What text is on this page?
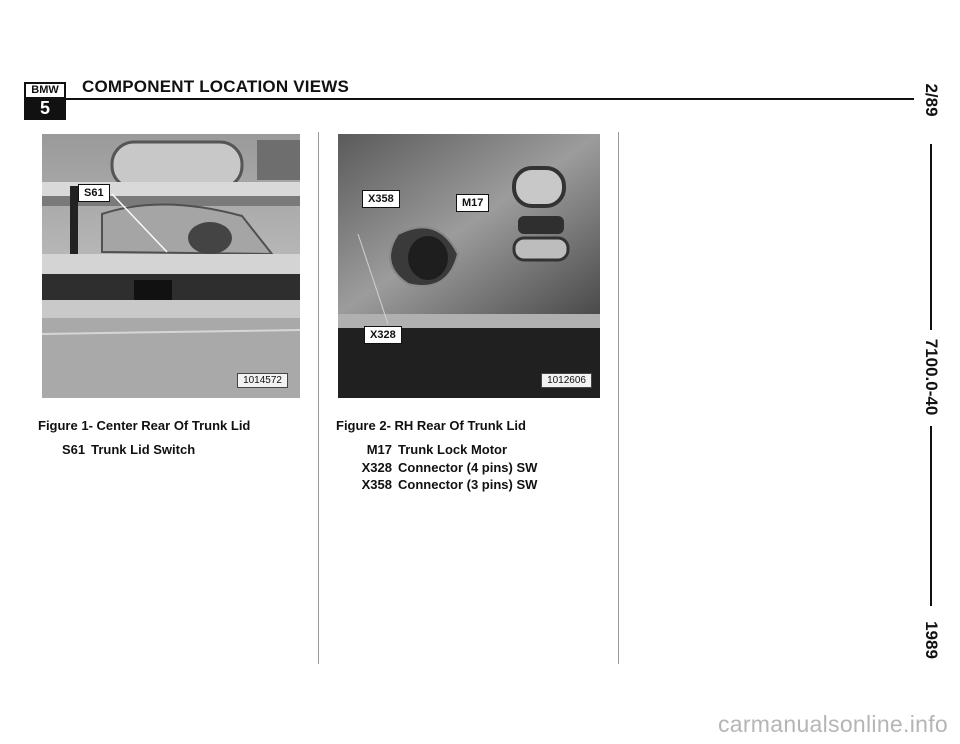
BMW
5
COMPONENT LOCATION VIEWS
S61
1014572
X358	M17
X328
1012606
Figure 1- Center Rear Of Trunk Lid
S61 Trunk Lid Switch
Figure 2- RH Rear Of Trunk Lid
M17 Trunk Lock Motor
X328 Connector (4 pins) SW
X358 Connector (3 pins) SW
2/89
7100.0-40
1989
carmanualsonline.info
